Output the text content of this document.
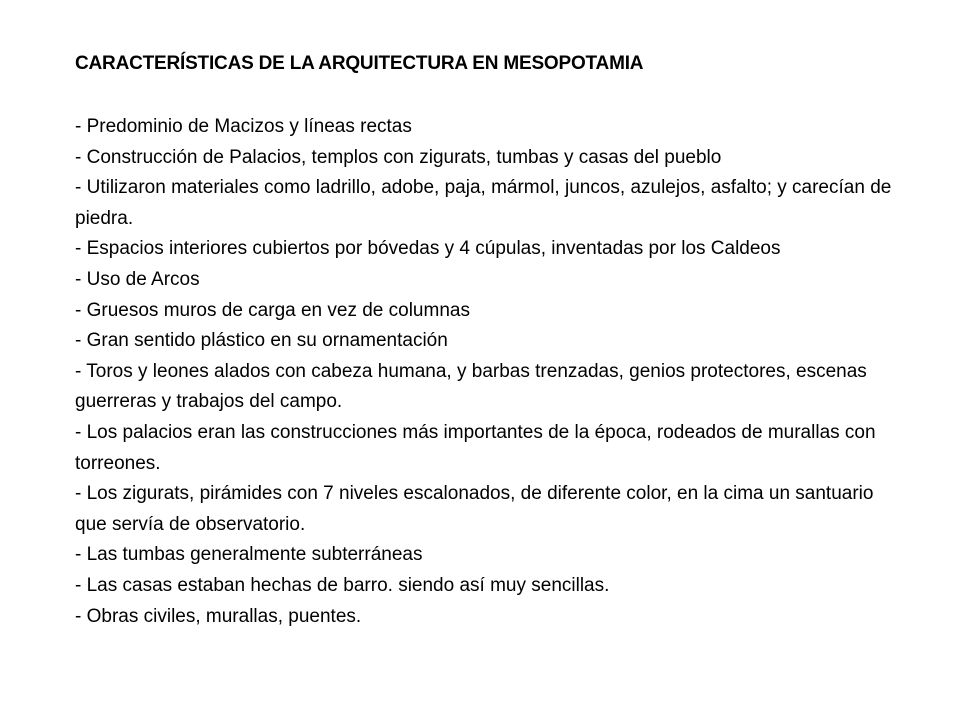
CARACTERÍSTICAS DE LA ARQUITECTURA EN MESOPOTAMIA

- Predominio de Macizos y líneas rectas
- Construcción de Palacios, templos con zigurats, tumbas y casas del pueblo
- Utilizaron materiales como ladrillo, adobe, paja, mármol, juncos, azulejos, asfalto; y carecían de piedra.
- Espacios interiores cubiertos por bóvedas y 4 cúpulas, inventadas por los Caldeos
- Uso de Arcos
- Gruesos muros de carga en vez de columnas
- Gran sentido plástico en su ornamentación
- Toros y leones alados con cabeza humana, y barbas trenzadas, genios protectores, escenas guerreras y trabajos del campo.
- Los palacios eran las construcciones más importantes de la época, rodeados de murallas con torreones.
- Los zigurats, pirámides con 7 niveles escalonados, de diferente color, en la cima un santuario que servía de observatorio.
- Las tumbas generalmente subterráneas
- Las casas estaban hechas de barro. siendo así muy sencillas.
- Obras civiles, murallas, puentes.
